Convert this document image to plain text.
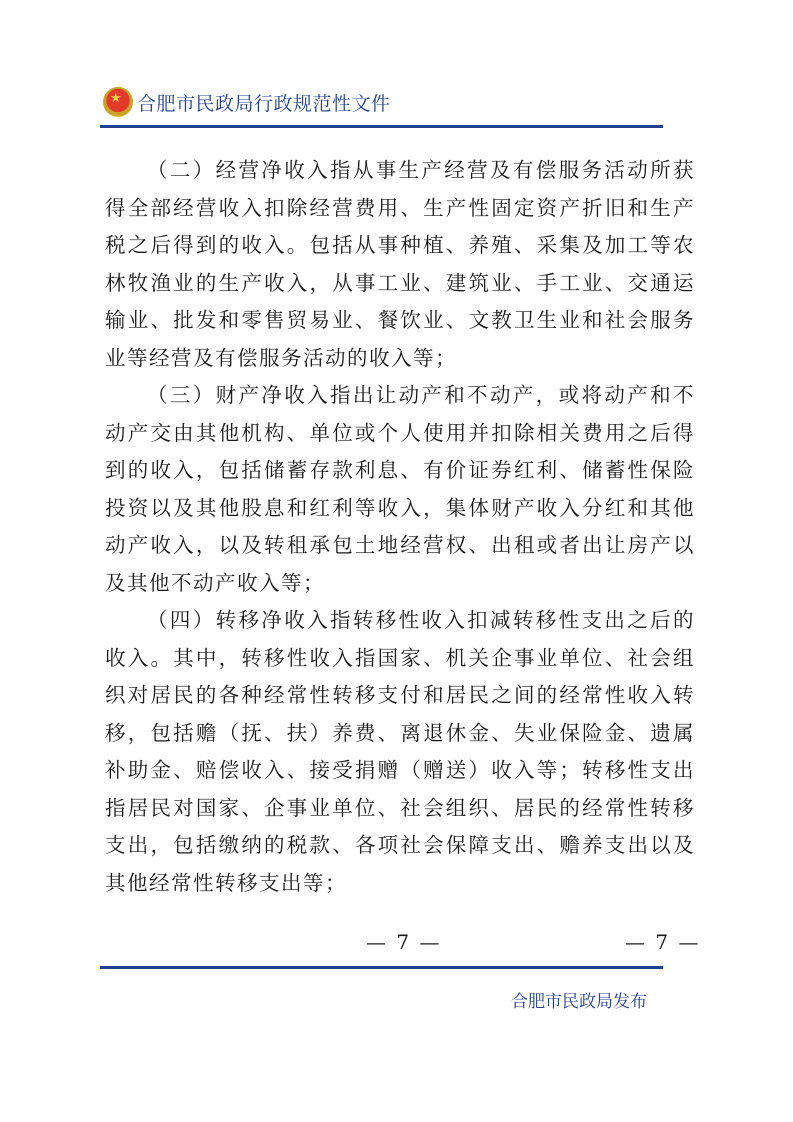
★ 合肥市民政局行政规范性文件

（二）经营净收入指从事生产经营及有偿服务活动所获得全部经营收入扣除经营费用、生产性固定资产折旧和生产税之后得到的收入。包括从事种植、养殖、采集及加工等农林牧渔业的生产收入，从事工业、建筑业、手工业、交通运输业、批发和零售贸易业、餐饮业、文教卫生业和社会服务业等经营及有偿服务活动的收入等；

（三）财产净收入指出让动产和不动产，或将动产和不动产交由其他机构、单位或个人使用并扣除相关费用之后得到的收入，包括储蓄存款利息、有价证券红利、储蓄性保险投资以及其他股息和红利等收入，集体财产收入分红和其他动产收入，以及转租承包土地经营权、出租或者出让房产以及其他不动产收入等；

（四）转移净收入指转移性收入扣减转移性支出之后的收入。其中，转移性收入指国家、机关企事业单位、社会组织对居民的各种经常性转移支付和居民之间的经常性收入转移，包括赡（抚、扶）养费、离退休金、失业保险金、遗属补助金、赔偿收入、接受捐赠（赠送）收入等；转移性支出指居民对国家、企事业单位、社会组织、居民的经常性转移支出，包括缴纳的税款、各项社会保障支出、赡养支出以及其他经常性转移支出等；

— 7 —	— 7 —
合肥市民政局发布
